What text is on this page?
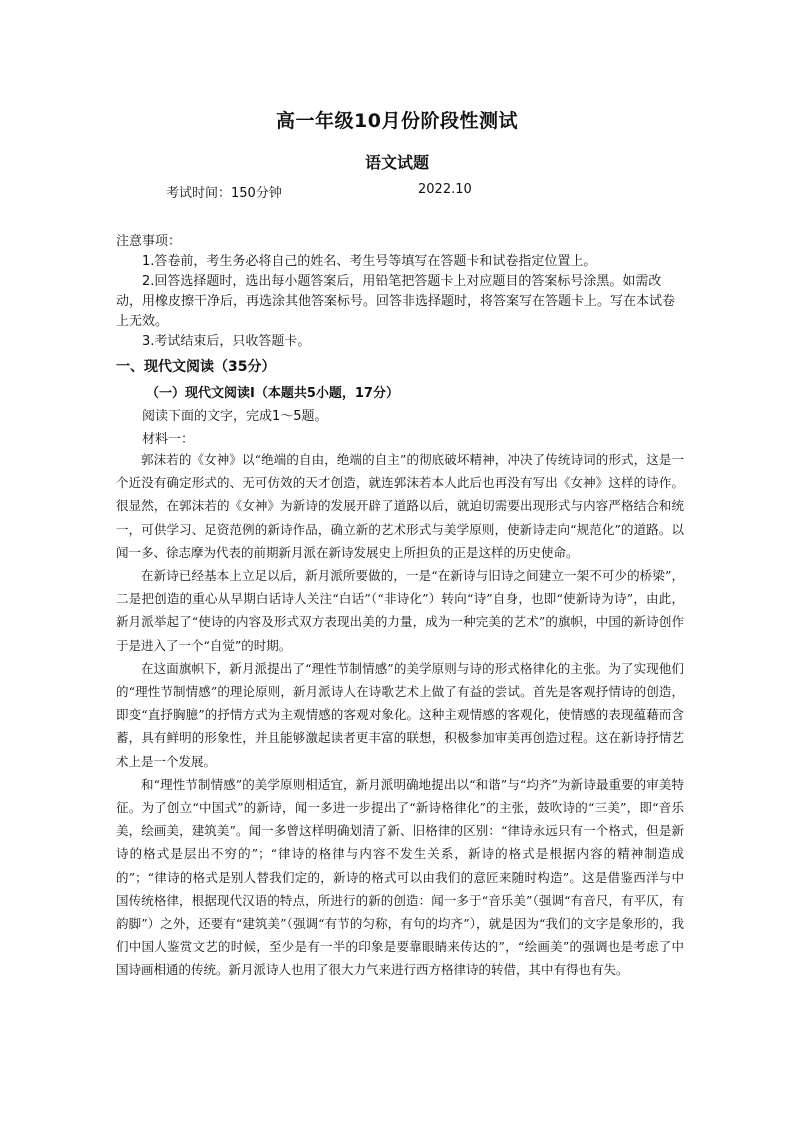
高一年级10月份阶段性测试
语文试题
考试时间：150分钟	2022.10

注意事项：

1.答卷前，考生务必将自己的姓名、考生号等填写在答题卡和试卷指定位置上。

2.回答选择题时，选出每小题答案后，用铅笔把答题卡上对应题目的答案标号涂黑。如需改动，用橡皮擦干净后，再选涂其他答案标号。回答非选择题时，将答案写在答题卡上。写在本试卷上无效。

3.考试结束后，只收答题卡。

一、现代文阅读（35分）
（一）现代文阅读Ⅰ（本题共5小题，17分）
阅读下面的文字，完成1～5题。
材料一：

郭沫若的《女神》以“绝端的自由，绝端的自主”的彻底破坏精神，冲决了传统诗词的形式，这是一个近没有确定形式的、无可仿效的天才创造，就连郭沫若本人此后也再没有写出《女神》这样的诗作。很显然，在郭沫若的《女神》为新诗的发展开辟了道路以后，就迫切需要出现形式与内容严格结合和统一，可供学习、足资范例的新诗作品，确立新的艺术形式与美学原则，使新诗走向“规范化”的道路。以闻一多、徐志摩为代表的前期新月派在新诗发展史上所担负的正是这样的历史使命。

在新诗已经基本上立足以后，新月派所要做的，一是“在新诗与旧诗之间建立一架不可少的桥梁”，二是把创造的重心从早期白话诗人关注“白话”（“非诗化”）转向“诗”自身，也即“使新诗为诗”，由此，新月派举起了“使诗的内容及形式双方表现出美的力量，成为一种完美的艺术”的旗帜，中国的新诗创作于是进入了一个“自觉”的时期。

在这面旗帜下，新月派提出了“理性节制情感”的美学原则与诗的形式格律化的主张。为了实现他们的“理性节制情感”的理论原则，新月派诗人在诗歌艺术上做了有益的尝试。首先是客观抒情诗的创造，即变“直抒胸臆”的抒情方式为主观情感的客观对象化。这种主观情感的客观化，使情感的表现蕴藉而含蓄，具有鲜明的形象性，并且能够激起读者更丰富的联想，积极参加审美再创造过程。这在新诗抒情艺术上是一个发展。

和“理性节制情感”的美学原则相适宜，新月派明确地提出以“和谐”与“均齐”为新诗最重要的审美特征。为了创立“中国式”的新诗，闻一多进一步提出了“新诗格律化”的主张，鼓吹诗的“三美”，即“音乐美，绘画美，建筑美”。闻一多曾这样明确划清了新、旧格律的区别：“律诗永远只有一个格式，但是新诗的格式是层出不穷的”；“律诗的格律与内容不发生关系，新诗的格式是根据内容的精神制造成的”；“律诗的格式是别人替我们定的，新诗的格式可以由我们的意匠来随时构造”。这是借鉴西洋与中国传统格律，根据现代汉语的特点，所进行的新的创造：闻一多于“音乐美”（强调“有音尺，有平仄，有韵脚”）之外，还要有“建筑美”（强调“有节的匀称，有句的均齐”），就是因为“我们的文字是象形的，我们中国人鉴赏文艺的时候，至少是有一半的印象是要靠眼睛来传达的”，“绘画美”的强调也是考虑了中国诗画相通的传统。新月派诗人也用了很大力气来进行西方格律诗的转借，其中有得也有失。
